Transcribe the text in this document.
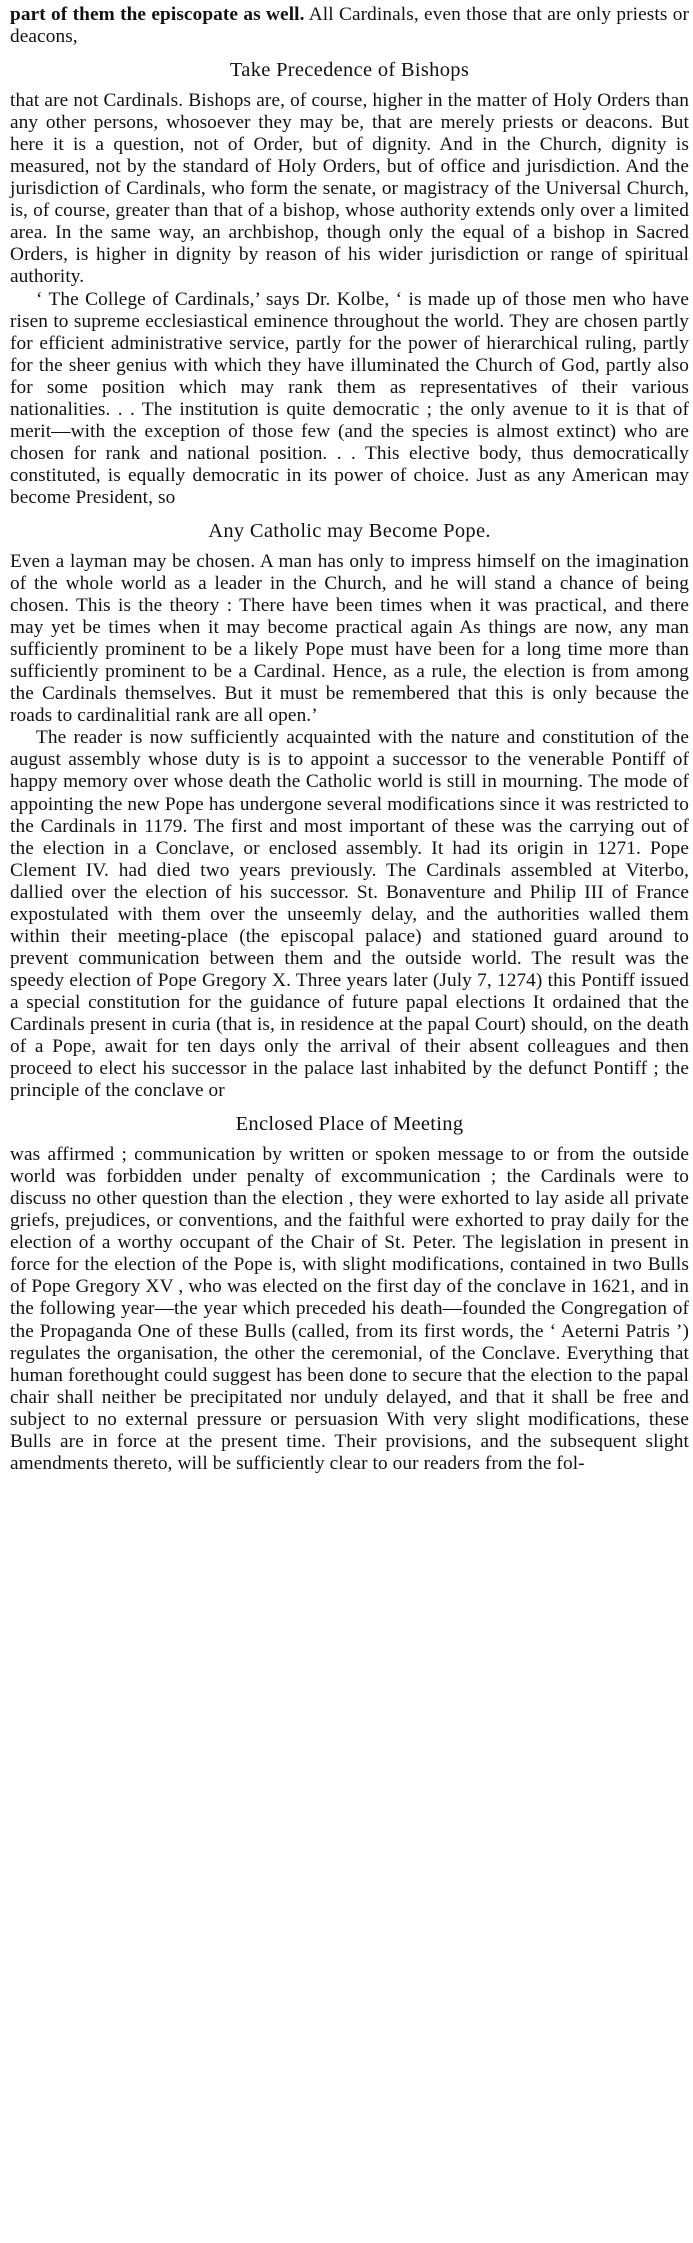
part of them the episcopate as well. All Cardinals, even those that are only priests or deacons,

Take Precedence of Bishops

that are not Cardinals. Bishops are, of course, higher in the matter of Holy Orders than any other persons, whosoever they may be, that are merely priests or deacons. But here it is a question, not of Order, but of dignity. And in the Church, dignity is measured, not by the standard of Holy Orders, but of office and jurisdiction. And the jurisdiction of Cardinals, who form the senate, or magistracy of the Universal Church, is, of course, greater than that of a bishop, whose authority extends only over a limited area. In the same way, an archbishop, though only the equal of a bishop in Sacred Orders, is higher in dignity by reason of his wider jurisdiction or range of spiritual authority.

‘ The College of Cardinals,’ says Dr. Kolbe, ‘ is made up of those men who have risen to supreme ecclesiastical eminence throughout the world. They are chosen partly for efficient administrative service, partly for the power of hierarchical ruling, partly for the sheer genius with which they have illuminated the Church of God, partly also for some position which may rank them as representatives of their various nationalities. . . The institution is quite democratic ; the only avenue to it is that of merit—with the exception of those few (and the species is almost extinct) who are chosen for rank and national position. . . This elective body, thus democratically constituted, is equally democratic in its power of choice. Just as any American may become President, so

Any Catholic may Become Pope.

Even a layman may be chosen. A man has only to impress himself on the imagination of the whole world as a leader in the Church, and he will stand a chance of being chosen. This is the theory : There have been times when it was practical, and there may yet be times when it may become practical again As things are now, any man sufficiently prominent to be a likely Pope must have been for a long time more than sufficiently prominent to be a Cardinal. Hence, as a rule, the election is from among the Cardinals themselves. But it must be remembered that this is only because the roads to cardinalitial rank are all open.’

The reader is now sufficiently acquainted with the nature and constitution of the august assembly whose duty is is to appoint a successor to the venerable Pontiff of happy memory over whose death the Catholic world is still in mourning. The mode of appointing the new Pope has undergone several modifications since it was restricted to the Cardinals in 1179. The first and most important of these was the carrying out of the election in a Conclave, or enclosed assembly. It had its origin in 1271. Pope Clement IV. had died two years previously. The Cardinals assembled at Viterbo, dallied over the election of his successor. St. Bonaventure and Philip III of France expostulated with them over the unseemly delay, and the authorities walled them within their meeting-place (the episcopal palace) and stationed guard around to prevent communication between them and the outside world. The result was the speedy election of Pope Gregory X. Three years later (July 7, 1274) this Pontiff issued a special constitution for the guidance of future papal elections It ordained that the Cardinals present in curia (that is, in residence at the papal Court) should, on the death of a Pope, await for ten days only the arrival of their absent colleagues and then proceed to elect his successor in the palace last inhabited by the defunct Pontiff ; the principle of the conclave or

Enclosed Place of Meeting

was affirmed ; communication by written or spoken message to or from the outside world was forbidden under penalty of excommunication ; the Cardinals were to discuss no other question than the election , they were exhorted to lay aside all private griefs, prejudices, or conventions, and the faithful were exhorted to pray daily for the election of a worthy occupant of the Chair of St. Peter. The legislation in present in force for the election of the Pope is, with slight modifications, contained in two Bulls of Pope Gregory XV , who was elected on the first day of the conclave in 1621, and in the following year—the year which preceded his death—founded the Congregation of the Propaganda One of these Bulls (called, from its first words, the ‘ Aeterni Patris ’) regulates the organisation, the other the ceremonial, of the Conclave. Everything that human forethought could suggest has been done to secure that the election to the papal chair shall neither be precipitated nor unduly delayed, and that it shall be free and subject to no external pressure or persuasion With very slight modifications, these Bulls are in force at the present time. Their provisions, and the subsequent slight amendments thereto, will be sufficiently clear to our readers from the fol-
